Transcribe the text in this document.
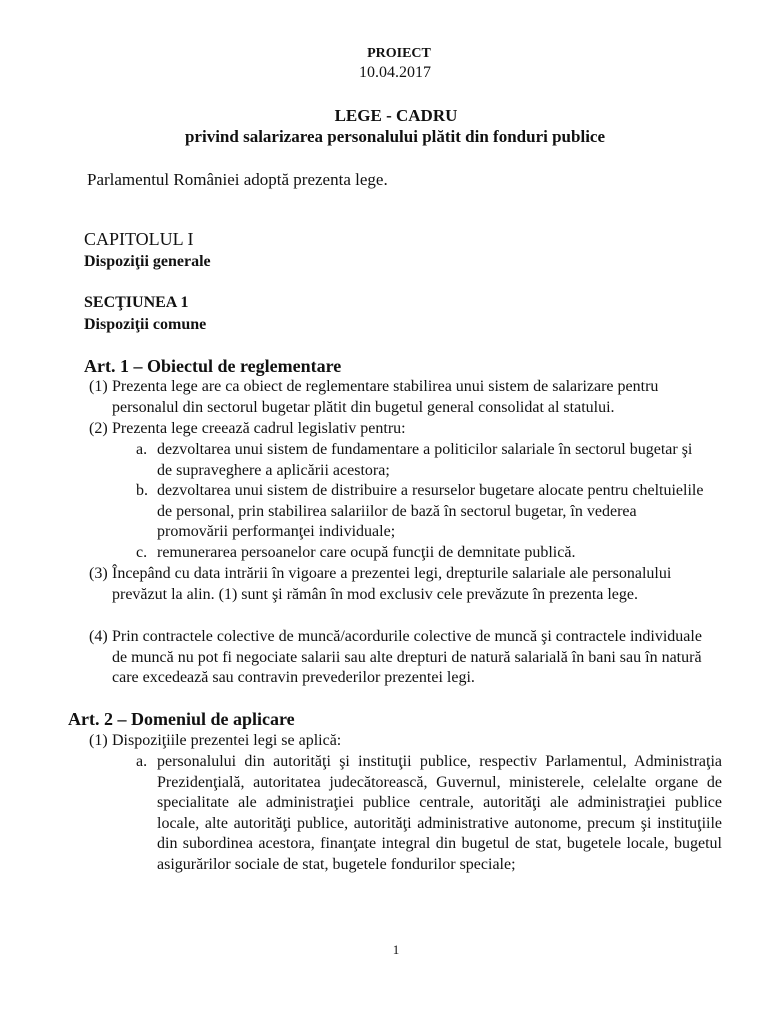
PROIECT
10.04.2017
LEGE - CADRU
privind salarizarea personalului plătit din fonduri publice
Parlamentul României adoptă prezenta lege.
CAPITOLUL I
Dispoziţii generale
SECŢIUNEA 1
Dispoziţii comune
Art. 1 – Obiectul de reglementare
(1) Prezenta lege are ca obiect de reglementare stabilirea unui sistem de salarizare pentru personalul din sectorul bugetar plătit din bugetul general consolidat al statului.
(2) Prezenta lege creează cadrul legislativ pentru:
a. dezvoltarea unui sistem de fundamentare a politicilor salariale în sectorul bugetar şi de supraveghere a aplicării acestora;
b. dezvoltarea unui sistem de distribuire a resurselor bugetare alocate pentru cheltuielile de personal, prin stabilirea salariilor de bază în sectorul bugetar, în vederea promovării performanţei individuale;
c. remunerarea persoanelor care ocupă funcţii de demnitate publică.
(3) Începând cu data intrării în vigoare a prezentei legi, drepturile salariale ale personalului prevăzut la alin. (1) sunt şi rămân în mod exclusiv cele prevăzute în prezenta lege.
(4) Prin contractele colective de muncă/acordurile colective de muncă şi contractele individuale de muncă nu pot fi negociate salarii sau alte drepturi de natură salarială în bani sau în natură care excedează sau contravin prevederilor prezentei legi.
Art. 2 – Domeniul de aplicare
(1) Dispoziţiile prezentei legi se aplică:
a. personalului din autorităţi şi instituţii publice, respectiv Parlamentul, Administraţia Prezidenţială, autoritatea judecătorească, Guvernul, ministerele, celelalte organe de specialitate ale administraţiei publice centrale, autorităţi ale administraţiei publice locale, alte autorităţi publice, autorităţi administrative autonome, precum şi instituţiile din subordinea acestora, finanţate integral din bugetul de stat, bugetele locale, bugetul asigurărilor sociale de stat, bugetele fondurilor speciale;
1
